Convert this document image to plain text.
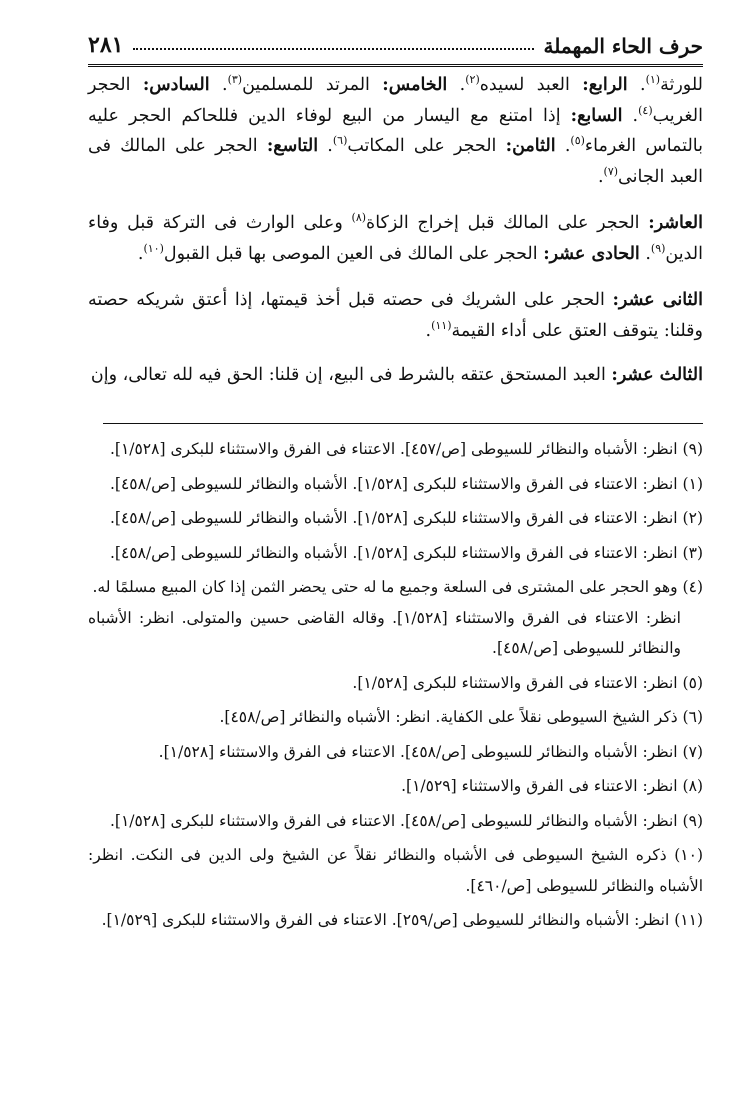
٢٨١	حرف الحاء المهملة

للورثة$^{(١)}$. الرابع: العبد لسيده$^{(٢)}$. الخامس: المرتد للمسلمين$^{(٣)}$. السادس: الحجر الغريب$^{(٤)}$. السابع: إذا امتنع مع اليسار من البيع لوفاء الدين فللحاكم الحجر عليه بالتماس الغرماء$^{(٥)}$. الثامن: الحجر على المكاتب$^{(٦)}$. التاسع: الحجر على المالك فى العبد الجانى$^{(٧)}$.

العاشر: الحجر على المالك قبل إخراج الزكاة$^{(٨)}$ وعلى الوارث فى التركة قبل وفاء الدين$^{(٩)}$. الحادى عشر: الحجر على المالك فى العين الموصى بها قبل القبول$^{(١٠)}$.

الثانى عشر: الحجر على الشريك فى حصته قبل أخذ قيمتها، إذا أعتق شريكه حصته وقلنا: يتوقف العتق على أداء القيمة$^{(١١)}$.

الثالث عشر: العبد المستحق عتقه بالشرط فى البيع، إن قلنا: الحق فيه لله تعالى، وإن

(٩) انظر: الأشباه والنظائر للسيوطى [ص/٤٥٧]. الاعتناء فى الفرق والاستثناء للبكرى [١/٥٢٨].

(١) انظر: الاعتناء فى الفرق والاستثناء للبكرى [١/٥٢٨]. الأشباه والنظائر للسيوطى [ص/٤٥٨].

(٢) انظر: الاعتناء فى الفرق والاستثناء للبكرى [١/٥٢٨]. الأشباه والنظائر للسيوطى [ص/٤٥٨].

(٣) انظر: الاعتناء فى الفرق والاستثناء للبكرى [١/٥٢٨]. الأشباه والنظائر للسيوطى [ص/٤٥٨].

(٤) وهو الحجر على المشترى فى السلعة وجميع ما له حتى يحضر الثمن إذا كان المبيع مسلمًا له.
انظر: الاعتناء فى الفرق والاستثناء [١/٥٢٨]. وقاله القاضى حسين والمتولى. انظر: الأشباه والنظائر للسيوطى [ص/٤٥٨].

(٥) انظر: الاعتناء فى الفرق والاستثناء للبكرى [١/٥٢٨].

(٦) ذكر الشيخ السيوطى نقلاً على الكفاية. انظر: الأشباه والنظائر [ص/٤٥٨].

(٧) انظر: الأشباه والنظائر للسيوطى [ص/٤٥٨]. الاعتناء فى الفرق والاستثناء [١/٥٢٨].

(٨) انظر: الاعتناء فى الفرق والاستثناء [١/٥٢٩].

(٩) انظر: الأشباه والنظائر للسيوطى [ص/٤٥٨]. الاعتناء فى الفرق والاستثناء للبكرى [١/٥٢٨].

(١٠) ذكره الشيخ السيوطى فى الأشباه والنظائر نقلاً عن الشيخ ولى الدين فى النكت. انظر: الأشباه والنظائر للسيوطى [ص/٤٦٠].

(١١) انظر: الأشباه والنظائر للسيوطى [ص/٢٥٩]. الاعتناء فى الفرق والاستثناء للبكرى [١/٥٢٩].
